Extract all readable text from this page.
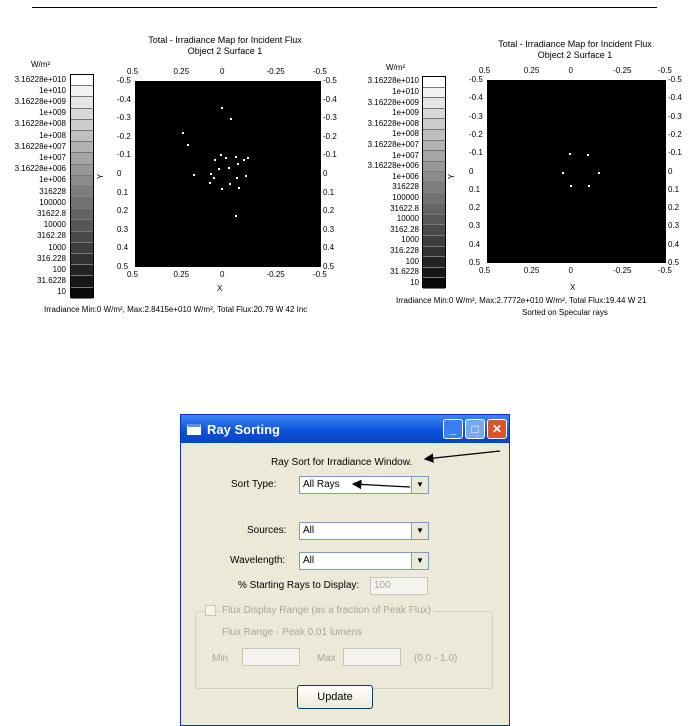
Total - Irradiance Map for Incident Flux
Object 2 Surface 1
W/m²
3.16228e+010
1e+010
3.16228e+009
1e+009
3.16228e+008
1e+008
3.16228e+007
1e+007
3.16228e+006
1e+006
316228
100000
31622.8
10000
3162.28
1000
316.228
100
31.6228
10
0.5
0.5
0.25
0.25
0
0
-0.25
-0.25
-0.5
-0.5
-0.5	-0.5
-0.4	-0.4
-0.3	-0.3
-0.2	-0.2
-0.1	-0.1
0	0
0.1	0.1
0.2	0.2
0.3	0.3
0.4	0.4
0.5	0.5
X
Y
Irradiance Min:0 W/m², Max:2.8415e+010 W/m², Total Flux:20.79 W 42 Inc
Total - Irradiance Map for Incident Flux
Object 2 Surface 1
W/m²
3.16228e+010
1e+010
3.16228e+009
1e+009
3.16228e+008
1e+008
3.16228e+007
1e+007
3.16228e+006
1e+006
316228
100000
31622.8
10000
3162.28
1000
316.228
100
31.6228
10
0.5
0.5
0.25
0.25
0
0
-0.25
-0.25
-0.5
-0.5
-0.5	-0.5
-0.4	-0.4
-0.3	-0.3
-0.2	-0.2
-0.1	-0.1
0	0
0.1	0.1
0.2	0.2
0.3	0.3
0.4	0.4
0.5	0.5
X
Y
Irradiance Min:0 W/m², Max:2.7772e+010 W/m², Total Flux:19.44 W 21
Sorted on Specular rays
Ray Sorting	_	□	✕
Ray Sort for Irradiance Window.
Sort Type:	All Rays	▼
Sources:	All	▼
Wavelength:	All	▼
% Starting Rays to Display:	100
Flux Display Range (as a fraction of Peak Flux)
Flux Range - Peak 0.01 lumens
Min	Max	(0.0 - 1.0)
Update
